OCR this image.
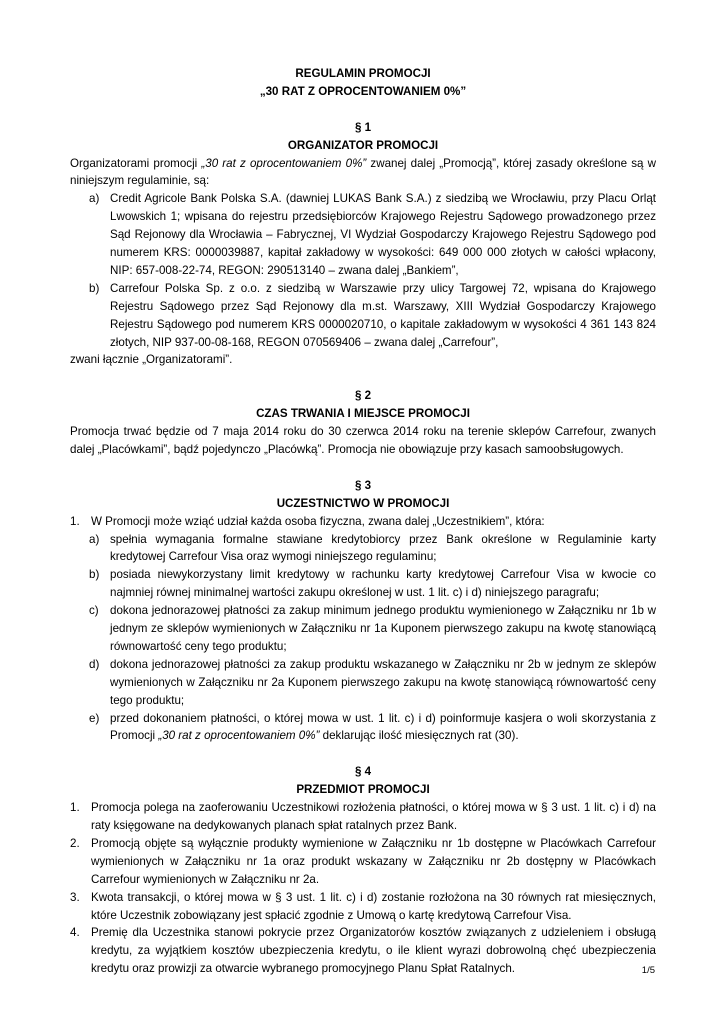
REGULAMIN PROMOCJI
„30 RAT Z OPROCENTOWANIEM 0%”
§ 1
ORGANIZATOR PROMOCJI

Organizatorami promocji „30 rat z oprocentowaniem 0%” zwanej dalej „Promocją”, której zasady określone są w niniejszym regulaminie, są:

a) Credit Agricole Bank Polska S.A. (dawniej LUKAS Bank S.A.) z siedzibą we Wrocławiu, przy Placu Orląt Lwowskich 1; wpisana do rejestru przedsiębiorców Krajowego Rejestru Sądowego prowadzonego przez Sąd Rejonowy dla Wrocławia – Fabrycznej, VI Wydział Gospodarczy Krajowego Rejestru Sądowego pod numerem KRS: 0000039887, kapitał zakładowy w wysokości: 649 000 000 złotych w całości wpłacony, NIP: 657-008-22-74, REGON: 290513140 – zwana dalej „Bankiem”,
b) Carrefour Polska Sp. z o.o. z siedzibą w Warszawie przy ulicy Targowej 72, wpisana do Krajowego Rejestru Sądowego przez Sąd Rejonowy dla m.st. Warszawy, XIII Wydział Gospodarczy Krajowego Rejestru Sądowego pod numerem KRS 0000020710, o kapitale zakładowym w wysokości 4 361 143 824 złotych, NIP 937-00-08-168, REGON 070569406 – zwana dalej „Carrefour”,

zwani łącznie „Organizatorami”.

§ 2
CZAS TRWANIA I MIEJSCE PROMOCJI

Promocja trwać będzie od 7 maja 2014 roku do 30 czerwca 2014 roku na terenie sklepów Carrefour, zwanych dalej „Placówkami”, bądź pojedynczo „Placówką”. Promocja nie obowiązuje przy kasach samoobsługowych.

§ 3
UCZESTNICTWO W PROMOCJI
1. W Promocji może wziąć udział każda osoba fizyczna, zwana dalej „Uczestnikiem”, która:
a) spełnia wymagania formalne stawiane kredytobiorcy przez Bank określone w Regulaminie karty kredytowej Carrefour Visa oraz wymogi niniejszego regulaminu;
b) posiada niewykorzystany limit kredytowy w rachunku karty kredytowej Carrefour Visa w kwocie co najmniej równej minimalnej wartości zakupu określonej w ust. 1 lit. c) i d) niniejszego paragrafu;
c) dokona jednorazowej płatności za zakup minimum jednego produktu wymienionego w Załączniku nr 1b w jednym ze sklepów wymienionych w Załączniku nr 1a Kuponem pierwszego zakupu na kwotę stanowiącą równowartość ceny tego produktu;
d) dokona jednorazowej płatności za zakup produktu wskazanego w Załączniku nr 2b w jednym ze sklepów wymienionych w Załączniku nr 2a Kuponem pierwszego zakupu na kwotę stanowiącą równowartość ceny tego produktu;
e) przed dokonaniem płatności, o której mowa w ust. 1 lit. c) i d) poinformuje kasjera o woli skorzystania z Promocji „30 rat z oprocentowaniem 0%” deklarując ilość miesięcznych rat (30).
§ 4
PRZEDMIOT PROMOCJI
1. Promocja polega na zaoferowaniu Uczestnikowi rozłożenia płatności, o której mowa w § 3 ust. 1 lit. c) i d) na raty księgowane na dedykowanych planach spłat ratalnych przez Bank.
2. Promocją objęte są wyłącznie produkty wymienione w Załączniku nr 1b dostępne w Placówkach Carrefour wymienionych w Załączniku nr 1a oraz produkt wskazany w Załączniku nr 2b dostępny w Placówkach Carrefour wymienionych w Załączniku nr 2a.
3. Kwota transakcji, o której mowa w § 3 ust. 1 lit. c) i d) zostanie rozłożona na 30 równych rat miesięcznych, które Uczestnik zobowiązany jest spłacić zgodnie z Umową o kartę kredytową Carrefour Visa.
4. Premię dla Uczestnika stanowi pokrycie przez Organizatorów kosztów związanych z udzieleniem i obsługą kredytu, za wyjątkiem kosztów ubezpieczenia kredytu, o ile klient wyrazi dobrowolną chęć ubezpieczenia kredytu oraz prowizji za otwarcie wybranego promocyjnego Planu Spłat Ratalnych.	1/5
